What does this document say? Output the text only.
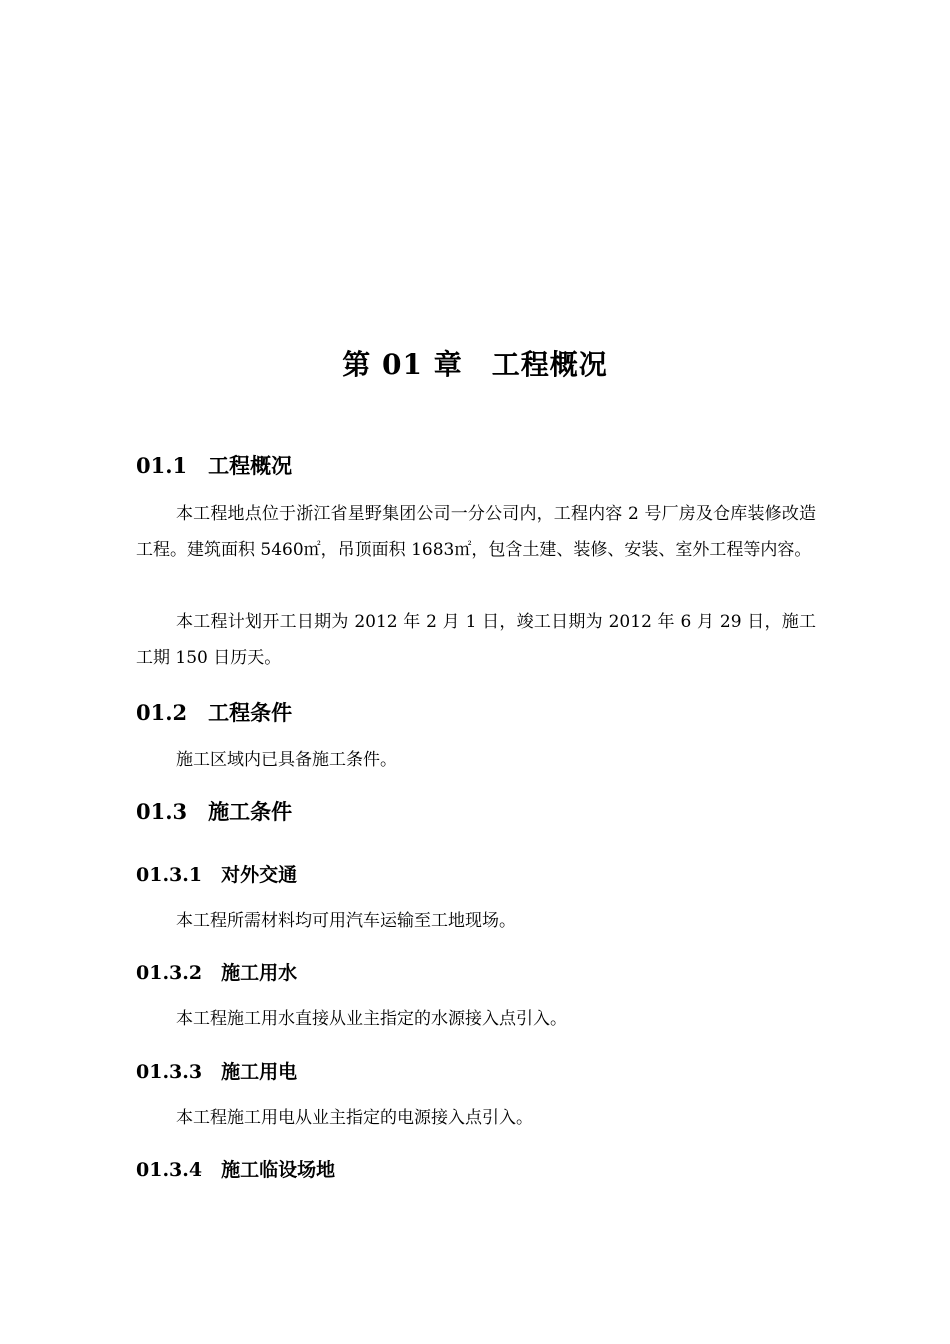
第 01 章　工程概况
01.1　工程概况
本工程地点位于浙江省星野集团公司一分公司内，工程内容 2 号厂房及仓库装修改造工程。建筑面积 5460㎡，吊顶面积 1683㎡，包含土建、装修、安装、室外工程等内容。
本工程计划开工日期为 2012 年 2 月 1 日，竣工日期为 2012 年 6 月 29 日，施工工期 150 日历天。
01.2　工程条件
施工区域内已具备施工条件。
01.3　施工条件
01.3.1　对外交通
本工程所需材料均可用汽车运输至工地现场。
01.3.2　施工用水
本工程施工用水直接从业主指定的水源接入点引入。
01.3.3　施工用电
本工程施工用电从业主指定的电源接入点引入。
01.3.4　施工临设场地
